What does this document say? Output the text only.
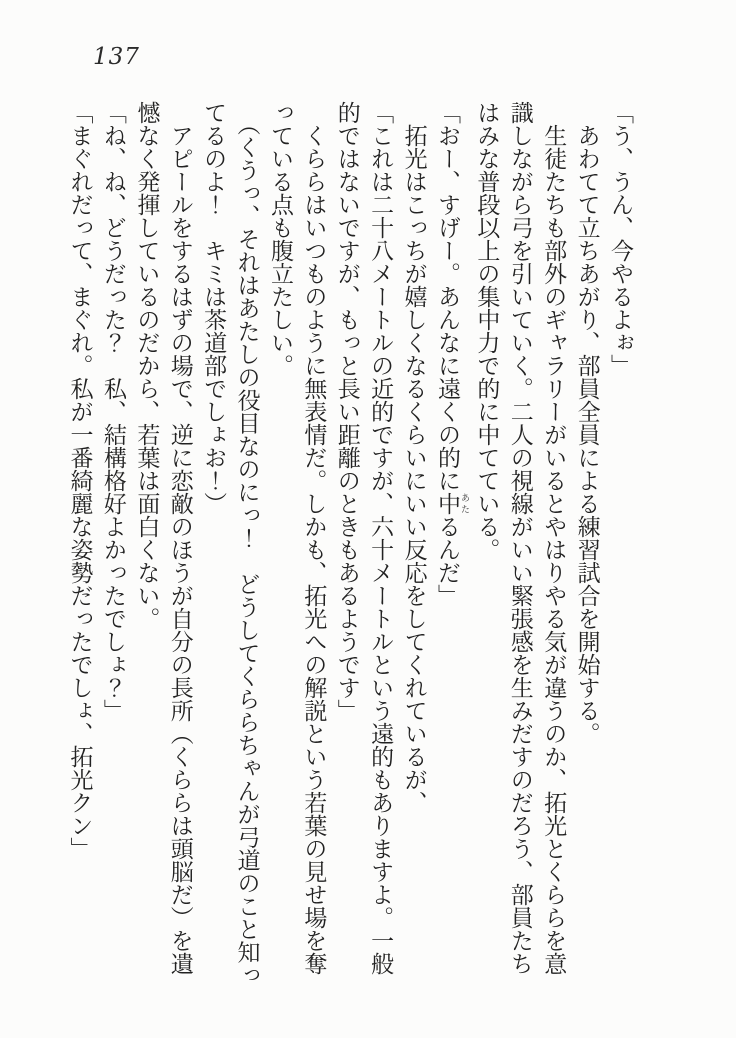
137

「う、うん、今やるよぉ」

　あわてて立ちあがり、部員全員による練習試合を開始する。

　生徒たちも部外のギャラリーがいるとやはりやる気が違うのか、拓光とくららを意

識しながら弓を引いていく。二人の視線がいい緊張感を生みだすのだろう、部員たち

はみな普段以上の集中力で的に中てている。

「おー、すげー。あんなに遠くの的に中 あたるんだ」

　拓光はこっちが嬉しくなるくらいにいい反応をしてくれているが、

「これは二十八メートルの近的ですが、六十メートルという遠的もありますよ。一般

的ではないですが、もっと長い距離のときもあるようです」

　くららはいつものように無表情だ。しかも、拓光への解説という若葉の見せ場を奪

っている点も腹立たしい。

　（くうっ、それはあたしの役目なのにっ！　どうしてくららちゃんが弓道のこと知っ

てるのよ！　キミは茶道部でしょお！）

　アピールをするはずの場で、逆に恋敵のほうが自分の長所（くららは頭脳だ）を遺

憾なく発揮しているのだから、若葉は面白くない。

「ね、ね、どうだった？　私、結構格好よかったでしょ？」

「まぐれだって、まぐれ。私が一番綺麗な姿勢だったでしょ、拓光クン」
